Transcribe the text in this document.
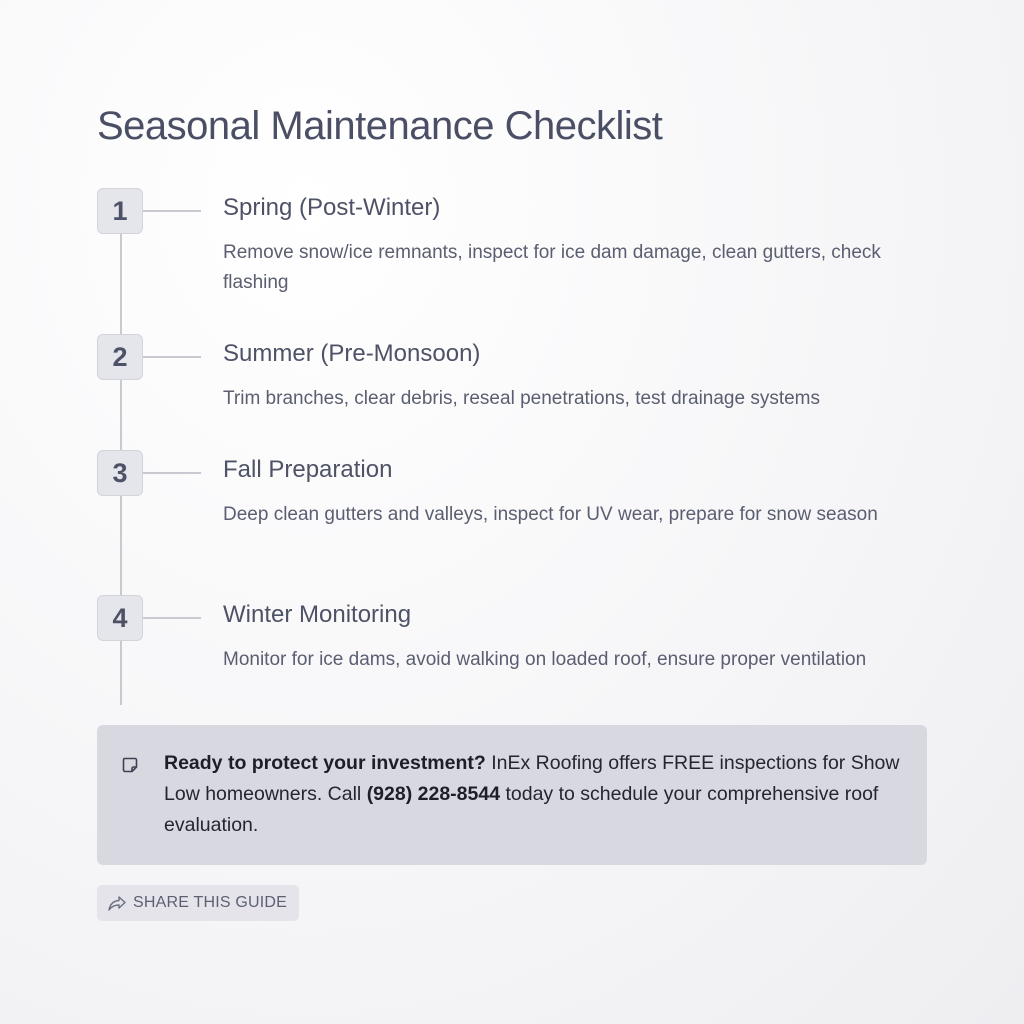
Seasonal Maintenance Checklist
1	Spring (Post-Winter)
Remove snow/ice remnants, inspect for ice dam damage, clean gutters, check flashing
2	Summer (Pre-Monsoon)
Trim branches, clear debris, reseal penetrations, test drainage systems
3	Fall Preparation
Deep clean gutters and valleys, inspect for UV wear, prepare for snow season
4	Winter Monitoring
Monitor for ice dams, avoid walking on loaded roof, ensure proper ventilation
Ready to protect your investment? InEx Roofing offers FREE inspections for Show Low homeowners. Call (928) 228-8544 today to schedule your comprehensive roof evaluation.
SHARE THIS GUIDE
